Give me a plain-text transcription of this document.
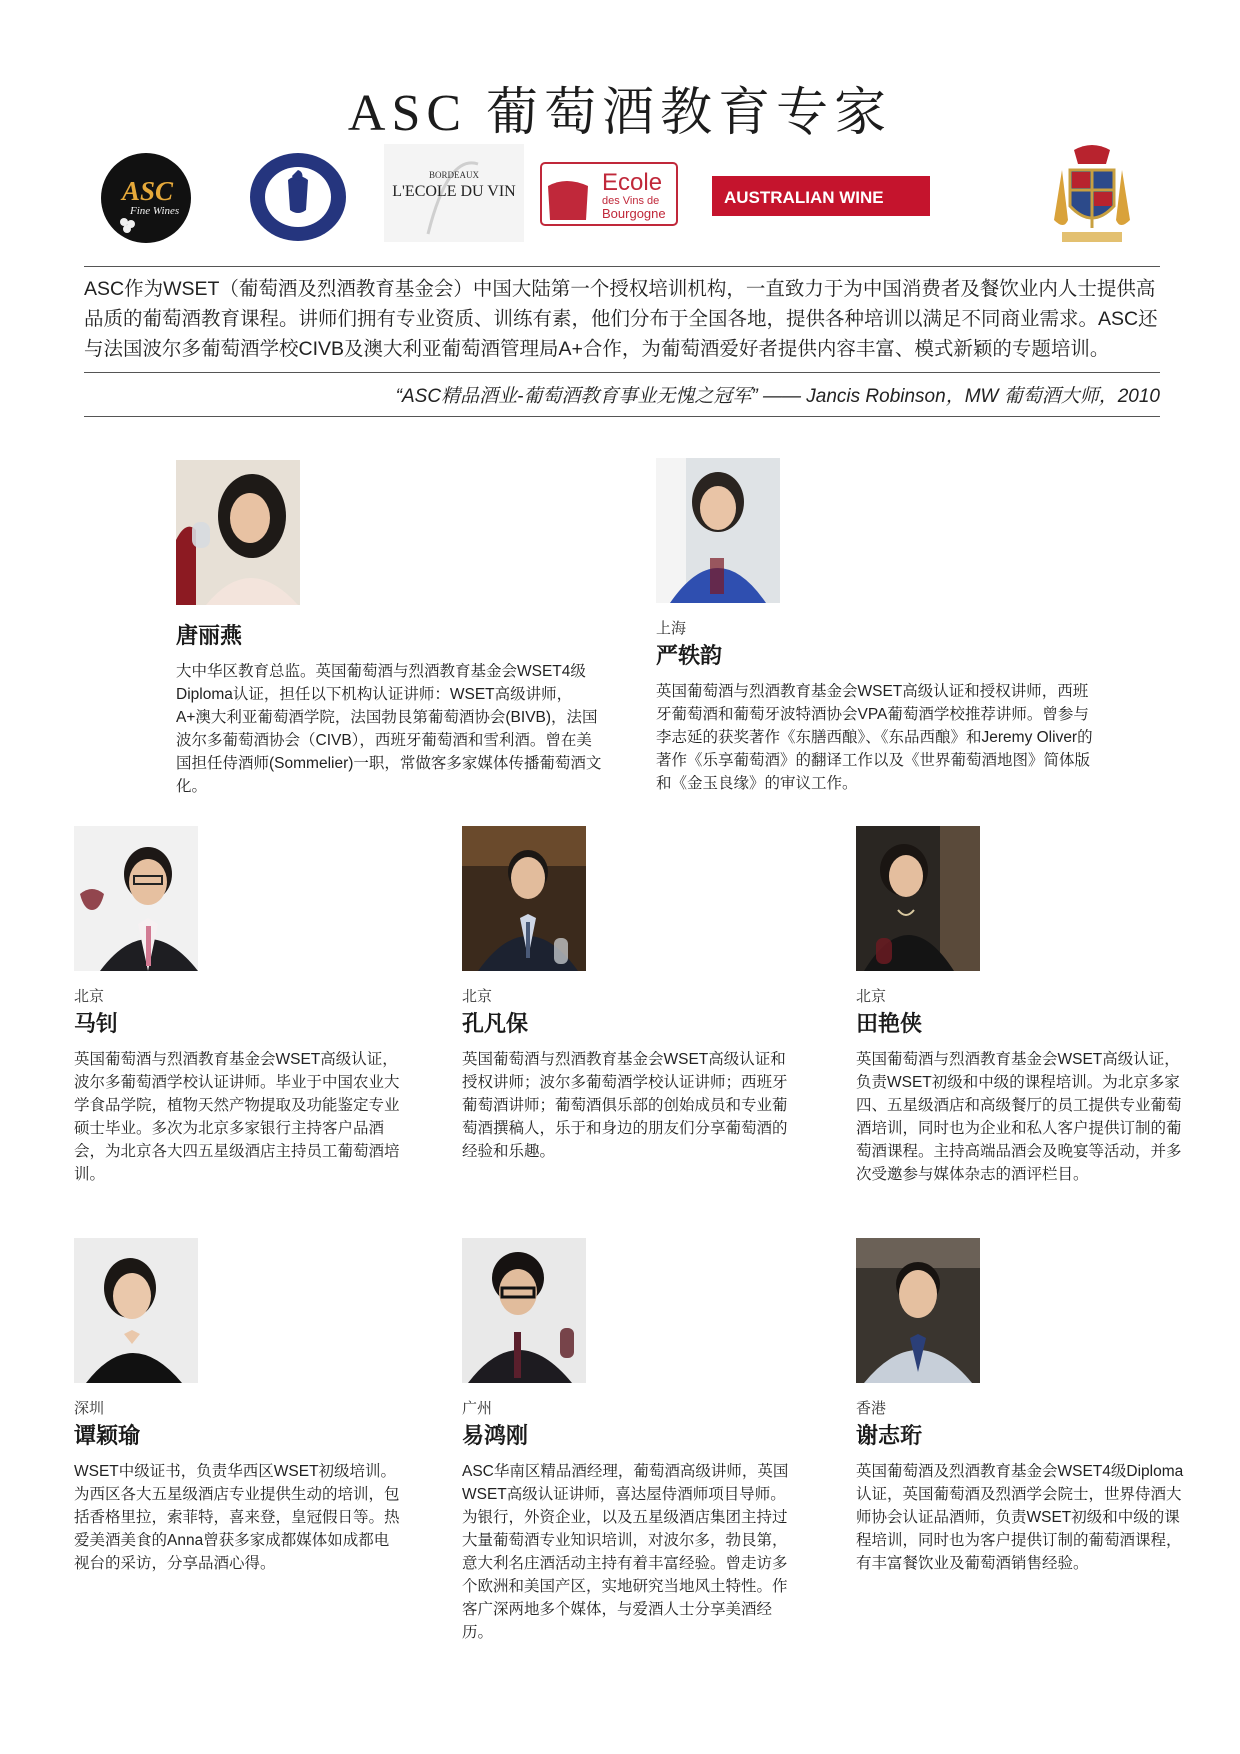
ASC 葡萄酒教育专家
ASC
Fine Wines
BORDEAUX
L'ECOLE DU VIN	Ecole
des Vins de
Bourgogne
AUSTRALIAN WINE
ASC作为WSET（葡萄酒及烈酒教育基金会）中国大陆第一个授权培训机构，一直致力于为中国消费者及餐饮业内人士提供高品质的葡萄酒教育课程。讲师们拥有专业资质、训练有素，他们分布于全国各地，提供各种培训以满足不同商业需求。ASC还与法国波尔多葡萄酒学校CIVB及澳大利亚葡萄酒管理局A+合作，为葡萄酒爱好者提供内容丰富、模式新颖的专题培训。
“ASC精品酒业-葡萄酒教育事业无愧之冠军” —— Jancis Robinson，MW 葡萄酒大师，2010
唐丽燕
大中华区教育总监。英国葡萄酒与烈酒教育基金会WSET4级Diploma认证，担任以下机构认证讲师：WSET高级讲师，A+澳大利亚葡萄酒学院，法国勃艮第葡萄酒协会(BIVB)，法国波尔多葡萄酒协会（CIVB），西班牙葡萄酒和雪利酒。曾在美国担任侍酒师(Sommelier)一职，常做客多家媒体传播葡萄酒文化。
上海
严轶韵
英国葡萄酒与烈酒教育基金会WSET高级认证和授权讲师，西班牙葡萄酒和葡萄牙波特酒协会VPA葡萄酒学校推荐讲师。曾参与李志延的获奖著作《东膳西酿》、《东品西酿》和Jeremy Oliver的著作《乐享葡萄酒》的翻译工作以及《世界葡萄酒地图》简体版和《金玉良缘》的审议工作。
北京
马钊
英国葡萄酒与烈酒教育基金会WSET高级认证，波尔多葡萄酒学校认证讲师。毕业于中国农业大学食品学院，植物天然产物提取及功能鉴定专业硕士毕业。多次为北京多家银行主持客户品酒会，为北京各大四五星级酒店主持员工葡萄酒培训。
北京
孔凡保
英国葡萄酒与烈酒教育基金会WSET高级认证和授权讲师；波尔多葡萄酒学校认证讲师；西班牙葡萄酒讲师；葡萄酒俱乐部的创始成员和专业葡萄酒撰稿人，乐于和身边的朋友们分享葡萄酒的经验和乐趣。
北京
田艳侠
英国葡萄酒与烈酒教育基金会WSET高级认证，负责WSET初级和中级的课程培训。为北京多家四、五星级酒店和高级餐厅的员工提供专业葡萄酒培训，同时也为企业和私人客户提供订制的葡萄酒课程。主持高端品酒会及晚宴等活动，并多次受邀参与媒体杂志的酒评栏目。
深圳
谭颖瑜
WSET中级证书，负责华西区WSET初级培训。为西区各大五星级酒店专业提供生动的培训，包括香格里拉，索菲特，喜来登，皇冠假日等。热爱美酒美食的Anna曾获多家成都媒体如成都电视台的采访，分享品酒心得。
广州
易鸿刚
ASC华南区精品酒经理，葡萄酒高级讲师，英国WSET高级认证讲师，喜达屋侍酒师项目导师。为银行，外资企业，以及五星级酒店集团主持过大量葡萄酒专业知识培训，对波尔多，勃艮第，意大利名庄酒活动主持有着丰富经验。曾走访多个欧洲和美国产区，实地研究当地风土特性。作客广深两地多个媒体，与爱酒人士分享美酒经历。
香港
谢志珩
英国葡萄酒及烈酒教育基金会WSET4级Diploma认证，英国葡萄酒及烈酒学会院士，世界侍酒大师协会认证品酒师，负责WSET初级和中级的课程培训，同时也为客户提供订制的葡萄酒课程，有丰富餐饮业及葡萄酒销售经验。
